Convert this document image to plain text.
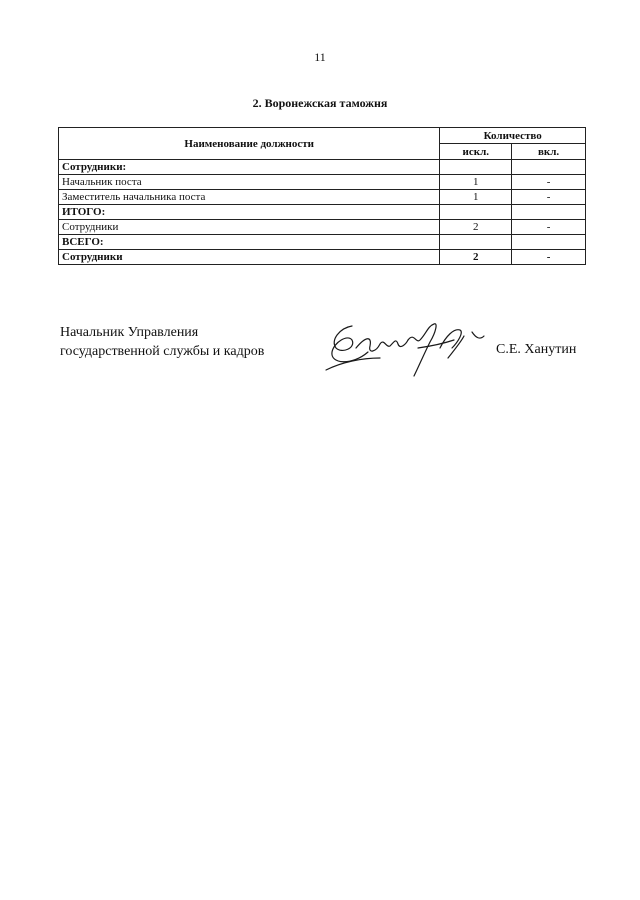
11
2. Воронежская таможня
Наименование должности	Количество	
	искл.	вкл.
Сотрудники:		
Начальник поста	1	-
Заместитель начальника поста	1	-
ИТОГО:		
Сотрудники	2	-
ВСЕГО:		
Сотрудники	2	-
Начальник Управления
государственной службы и кадров	С.Е. Ханутин
